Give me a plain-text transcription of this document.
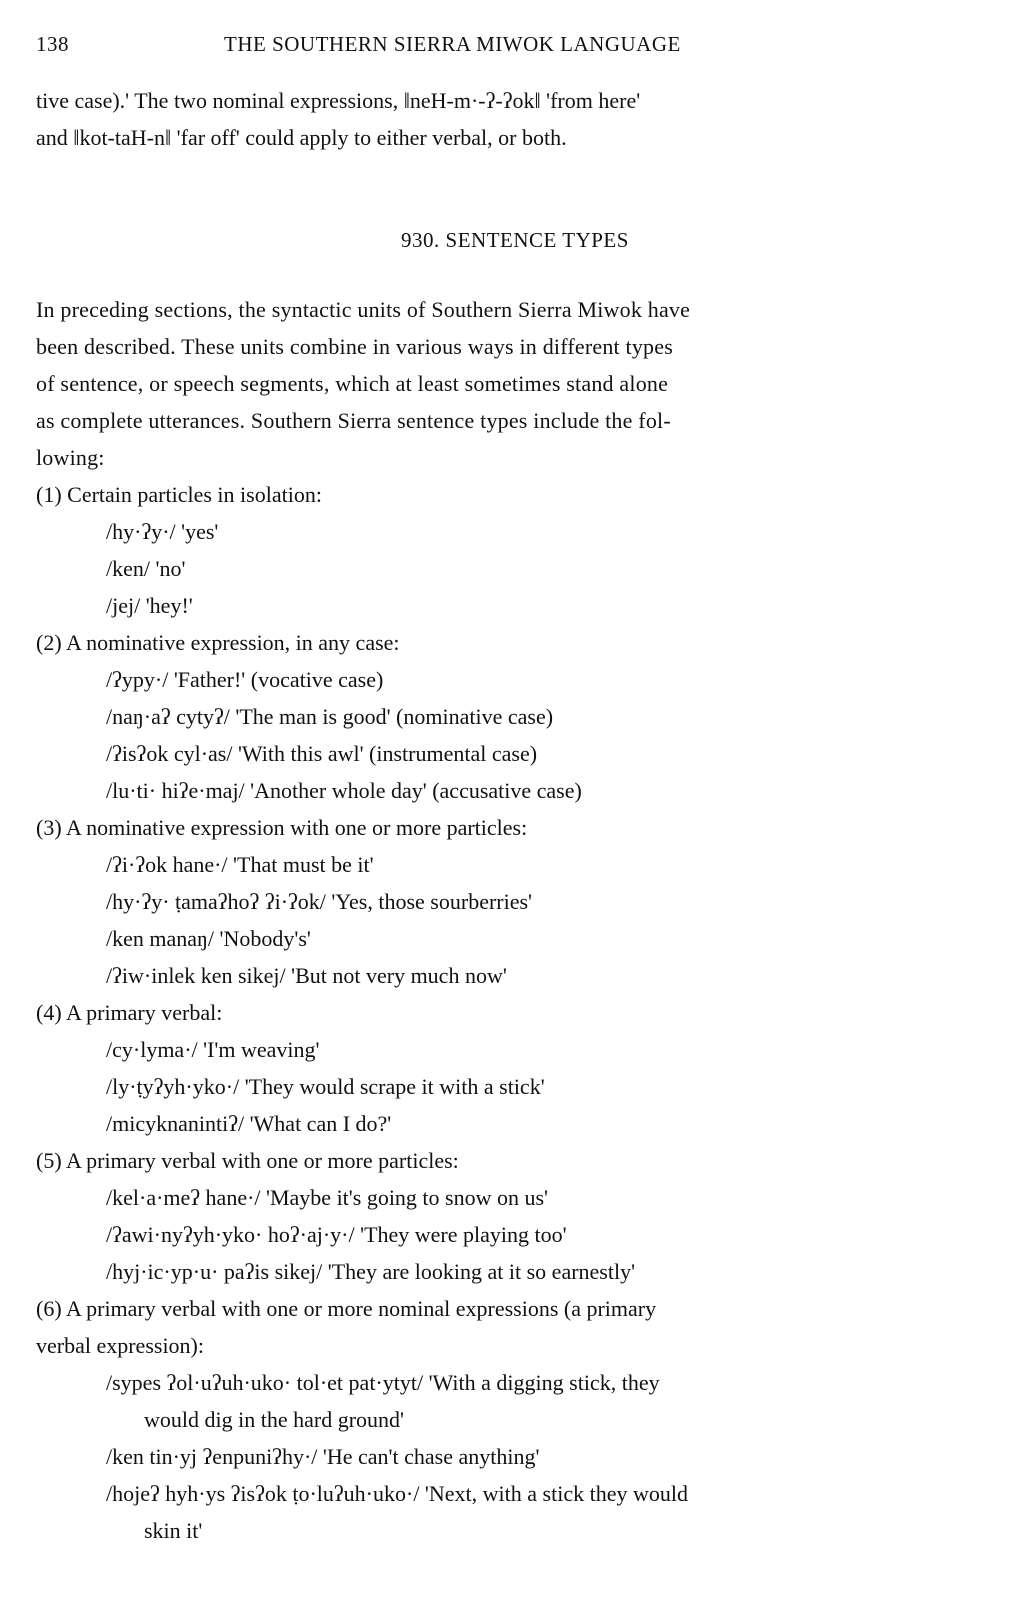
138	THE SOUTHERN SIERRA MIWOK LANGUAGE

tive case).' The two nominal expressions, ‖neH-m·-ʔ-ʔok‖ 'from here'

and ‖kot-taH-n‖ 'far off' could apply to either verbal, or both.

930. SENTENCE TYPES

In preceding sections, the syntactic units of Southern Sierra Miwok have

been described. These units combine in various ways in different types

of sentence, or speech segments, which at least sometimes stand alone

as complete utterances. Southern Sierra sentence types include the fol-

lowing:

(1) Certain particles in isolation:
/hy·ʔy·/ 'yes'
/ken/ 'no'
/jej/ 'hey!'
(2) A nominative expression, in any case:
/ʔypy·/ 'Father!' (vocative case)
/naŋ·aʔ cytyʔ/ 'The man is good' (nominative case)
/ʔisʔok cyl·as/ 'With this awl' (instrumental case)
/lu·ti· hiʔe·maj/ 'Another whole day' (accusative case)
(3) A nominative expression with one or more particles:
/ʔi·ʔok hane·/ 'That must be it'
/hy·ʔy· ṭamaʔhoʔ ʔi·ʔok/ 'Yes, those sourberries'
/ken manaŋ/ 'Nobody's'
/ʔiw·inlek ken sikej/ 'But not very much now'
(4) A primary verbal:
/cy·lyma·/ 'I'm weaving'
/ly·ṭyʔyh·yko·/ 'They would scrape it with a stick'
/micyknanintiʔ/ 'What can I do?'
(5) A primary verbal with one or more particles:
/kel·a·meʔ hane·/ 'Maybe it's going to snow on us'
/ʔawi·nyʔyh·yko· hoʔ·aj·y·/ 'They were playing too'
/hyj·ic·yp·u· paʔis sikej/ 'They are looking at it so earnestly'
(6) A primary verbal with one or more nominal expressions (a primary
verbal expression):
/sypes ʔol·uʔuh·uko· tol·et pat·ytyt/ 'With a digging stick, they
would dig in the hard ground'
/ken tin·yj ʔenpuniʔhy·/ 'He can't chase anything'
/hojeʔ hyh·ys ʔisʔok ṭo·luʔuh·uko·/ 'Next, with a stick they would
skin it'
